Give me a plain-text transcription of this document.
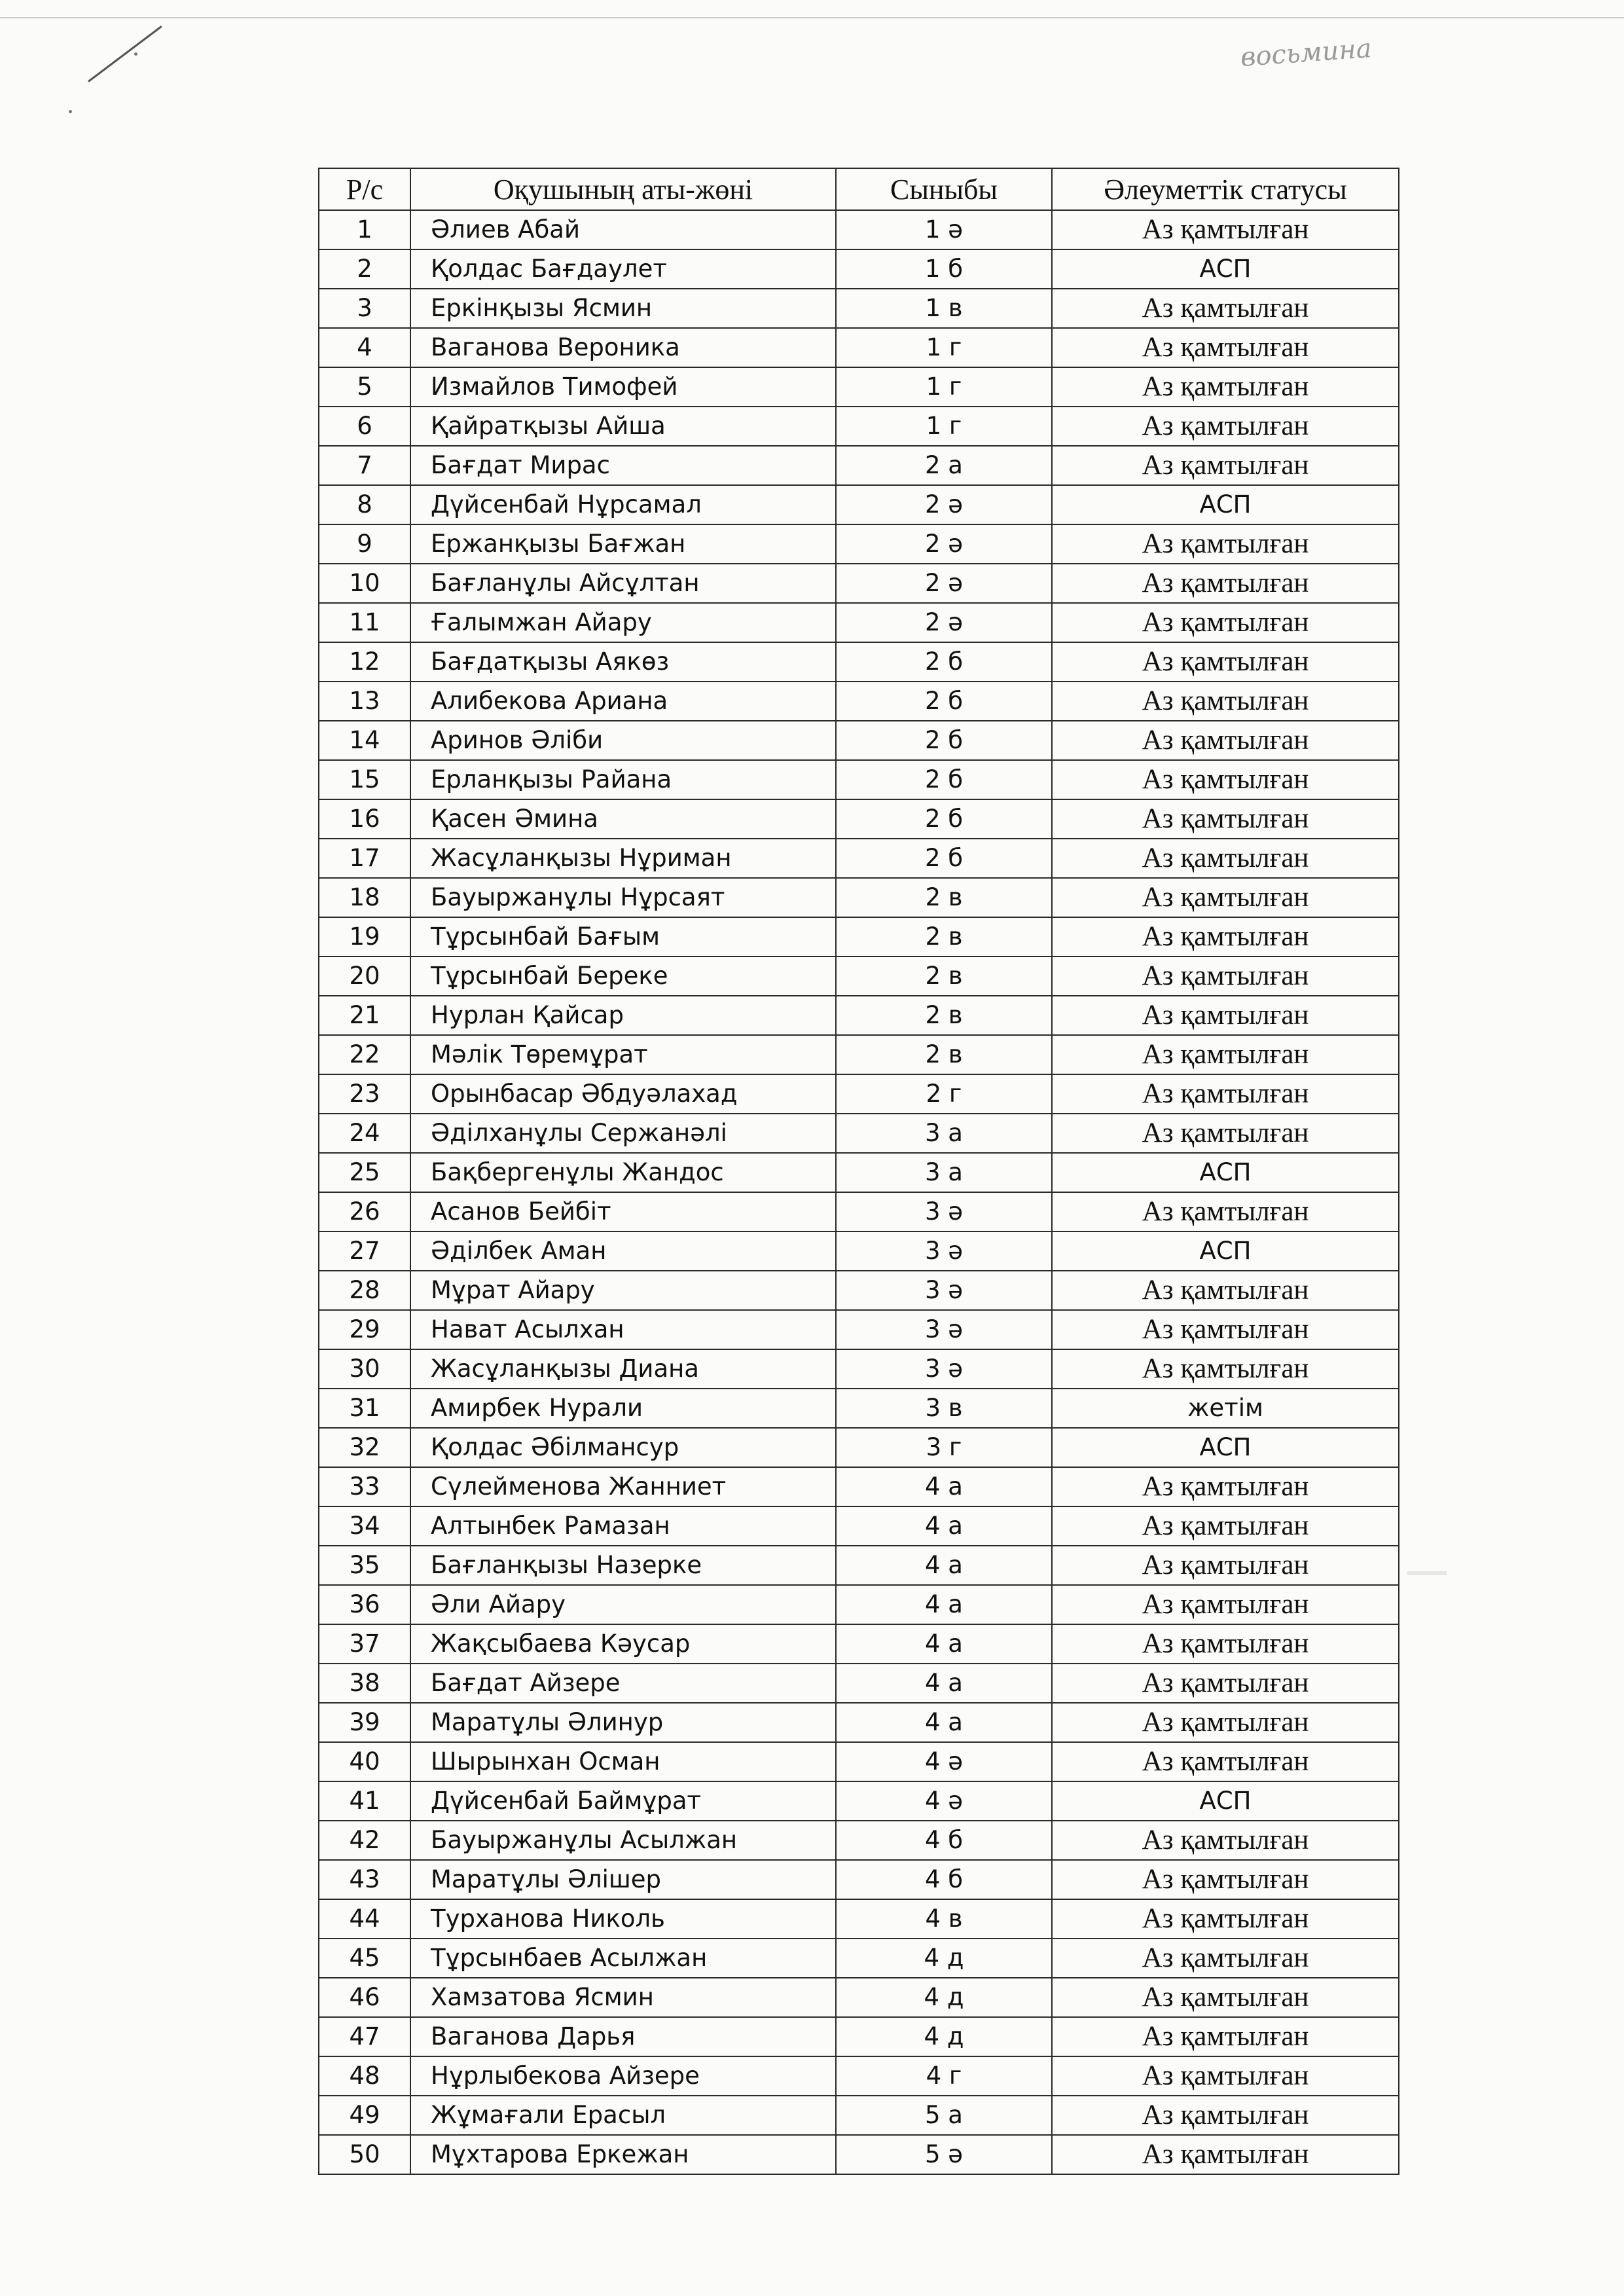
восьмина
Р/с	Оқушының аты-жөні	Сыныбы	Әлеуметтік статусы
1	Әлиев Абай	1 ә	Аз қамтылған
2	Қолдас Бағдаулет	1 б	АСП
3	Еркінқызы Ясмин	1 в	Аз қамтылған
4	Ваганова Вероника	1 г	Аз қамтылған
5	Измайлов Тимофей	1 г	Аз қамтылған
6	Қайратқызы Айша	1 г	Аз қамтылған
7	Бағдат Мирас	2 а	Аз қамтылған
8	Дүйсенбай Нұрсамал	2 ә	АСП
9	Ержанқызы Бағжан	2 ә	Аз қамтылған
10	Бағланұлы Айсұлтан	2 ә	Аз қамтылған
11	Ғалымжан Айару	2 ә	Аз қамтылған
12	Бағдатқызы Аякөз	2 б	Аз қамтылған
13	Алибекова Ариана	2 б	Аз қамтылған
14	Аринов Әліби	2 б	Аз қамтылған
15	Ерланқызы Райана	2 б	Аз қамтылған
16	Қасен Әмина	2 б	Аз қамтылған
17	Жасұланқызы Нұриман	2 б	Аз қамтылған
18	Бауыржанұлы Нұрсаят	2 в	Аз қамтылған
19	Тұрсынбай Бағым	2 в	Аз қамтылған
20	Тұрсынбай Береке	2 в	Аз қамтылған
21	Нурлан Қайсар	2 в	Аз қамтылған
22	Мәлік Төремұрат	2 в	Аз қамтылған
23	Орынбасар Әбдуәлахад	2 г	Аз қамтылған
24	Әділханұлы Сержанәлі	3 а	Аз қамтылған
25	Бақбергенұлы Жандос	3 а	АСП
26	Асанов Бейбіт	3 ә	Аз қамтылған
27	Әділбек Аман	3 ә	АСП
28	Мұрат Айару	3 ә	Аз қамтылған
29	Нават Асылхан	3 ә	Аз қамтылған
30	Жасұланқызы Диана	3 ә	Аз қамтылған
31	Амирбек Нурали	3 в	жетім
32	Қолдас Әбілмансур	3 г	АСП
33	Сүлейменова Жанниет	4 а	Аз қамтылған
34	Алтынбек Рамазан	4 а	Аз қамтылған
35	Бағланқызы Назерке	4 а	Аз қамтылған
36	Әли Айару	4 а	Аз қамтылған
37	Жақсыбаева Кәусар	4 а	Аз қамтылған
38	Бағдат Айзере	4 а	Аз қамтылған
39	Маратұлы Әлинур	4 а	Аз қамтылған
40	Шырынхан Осман	4 ә	Аз қамтылған
41	Дүйсенбай Баймұрат	4 ә	АСП
42	Бауыржанұлы Асылжан	4 б	Аз қамтылған
43	Маратұлы Әлішер	4 б	Аз қамтылған
44	Турханова Николь	4 в	Аз қамтылған
45	Тұрсынбаев Асылжан	4 д	Аз қамтылған
46	Хамзатова Ясмин	4 д	Аз қамтылған
47	Ваганова Дарья	4 д	Аз қамтылған
48	Нұрлыбекова Айзере	4 г	Аз қамтылған
49	Жұмағали Ерасыл	5 а	Аз қамтылған
50	Мұхтарова Еркежан	5 ә	Аз қамтылған
